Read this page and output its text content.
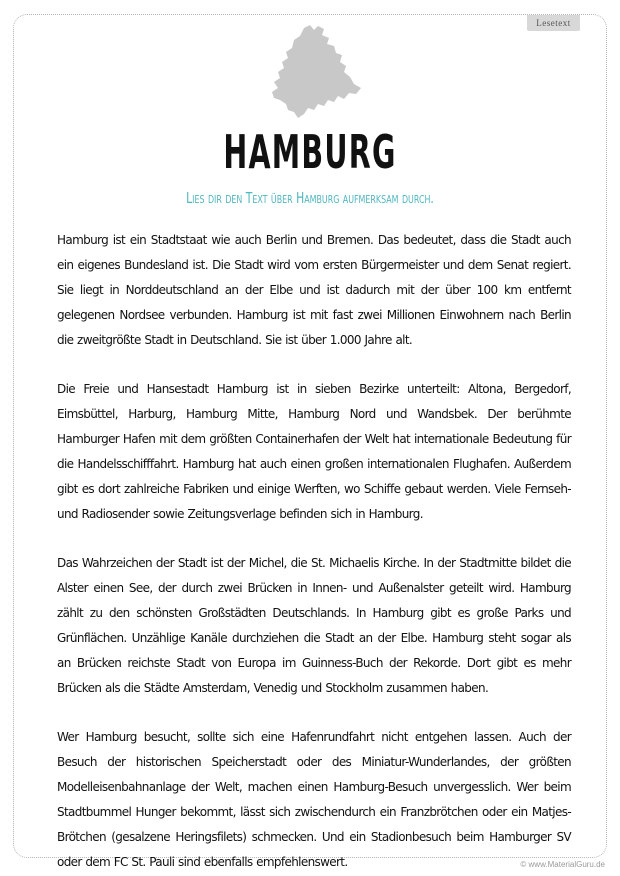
Lesetext
HAMBURG
Lies dir den Text über Hamburg aufmerksam durch.

Hamburg ist ein Stadtstaat wie auch Berlin und Bremen. Das bedeutet, dass die Stadt auch ein eigenes Bundesland ist. Die Stadt wird vom ersten Bürgermeister und dem Senat regiert. Sie liegt in Norddeutschland an der Elbe und ist dadurch mit der über 100 km entfernt gelegenen Nordsee verbunden. Hamburg ist mit fast zwei Millionen Einwohnern nach Berlin die zweitgrößte Stadt in Deutschland. Sie ist über 1.000 Jahre alt.

Die Freie und Hansestadt Hamburg ist in sieben Bezirke unterteilt: Altona, Bergedorf, Eimsbüttel, Harburg, Hamburg Mitte, Hamburg Nord und Wandsbek. Der berühmte Hamburger Hafen mit dem größten Containerhafen der Welt hat internationale Bedeutung für die Handelsschifffahrt. Hamburg hat auch einen großen internationalen Flughafen. Außerdem gibt es dort zahlreiche Fabriken und einige Werften, wo Schiffe gebaut werden. Viele Fernseh- und Radiosender sowie Zeitungsverlage befinden sich in Hamburg.

Das Wahrzeichen der Stadt ist der Michel, die St. Michaelis Kirche. In der Stadtmitte bildet die Alster einen See, der durch zwei Brücken in Innen- und Außenalster geteilt wird. Hamburg zählt zu den schönsten Großstädten Deutschlands. In Hamburg gibt es große Parks und Grünflächen. Unzählige Kanäle durchziehen die Stadt an der Elbe. Hamburg steht sogar als an Brücken reichste Stadt von Europa im Guinness-Buch der Rekorde. Dort gibt es mehr Brücken als die Städte Amsterdam, Venedig und Stockholm zusammen haben.

Wer Hamburg besucht, sollte sich eine Hafenrundfahrt nicht entgehen lassen. Auch der Besuch der historischen Speicherstadt oder des Miniatur-Wunderlandes, der größten Modelleisenbahnanlage der Welt, machen einen Hamburg-Besuch unvergesslich. Wer beim Stadtbummel Hunger bekommt, lässt sich zwischendurch ein Franzbrötchen oder ein Matjes-Brötchen (gesalzene Heringsfilets) schmecken. Und ein Stadionbesuch beim Hamburger SV oder dem FC St. Pauli sind ebenfalls empfehlenswert.	© www.MaterialGuru.de
